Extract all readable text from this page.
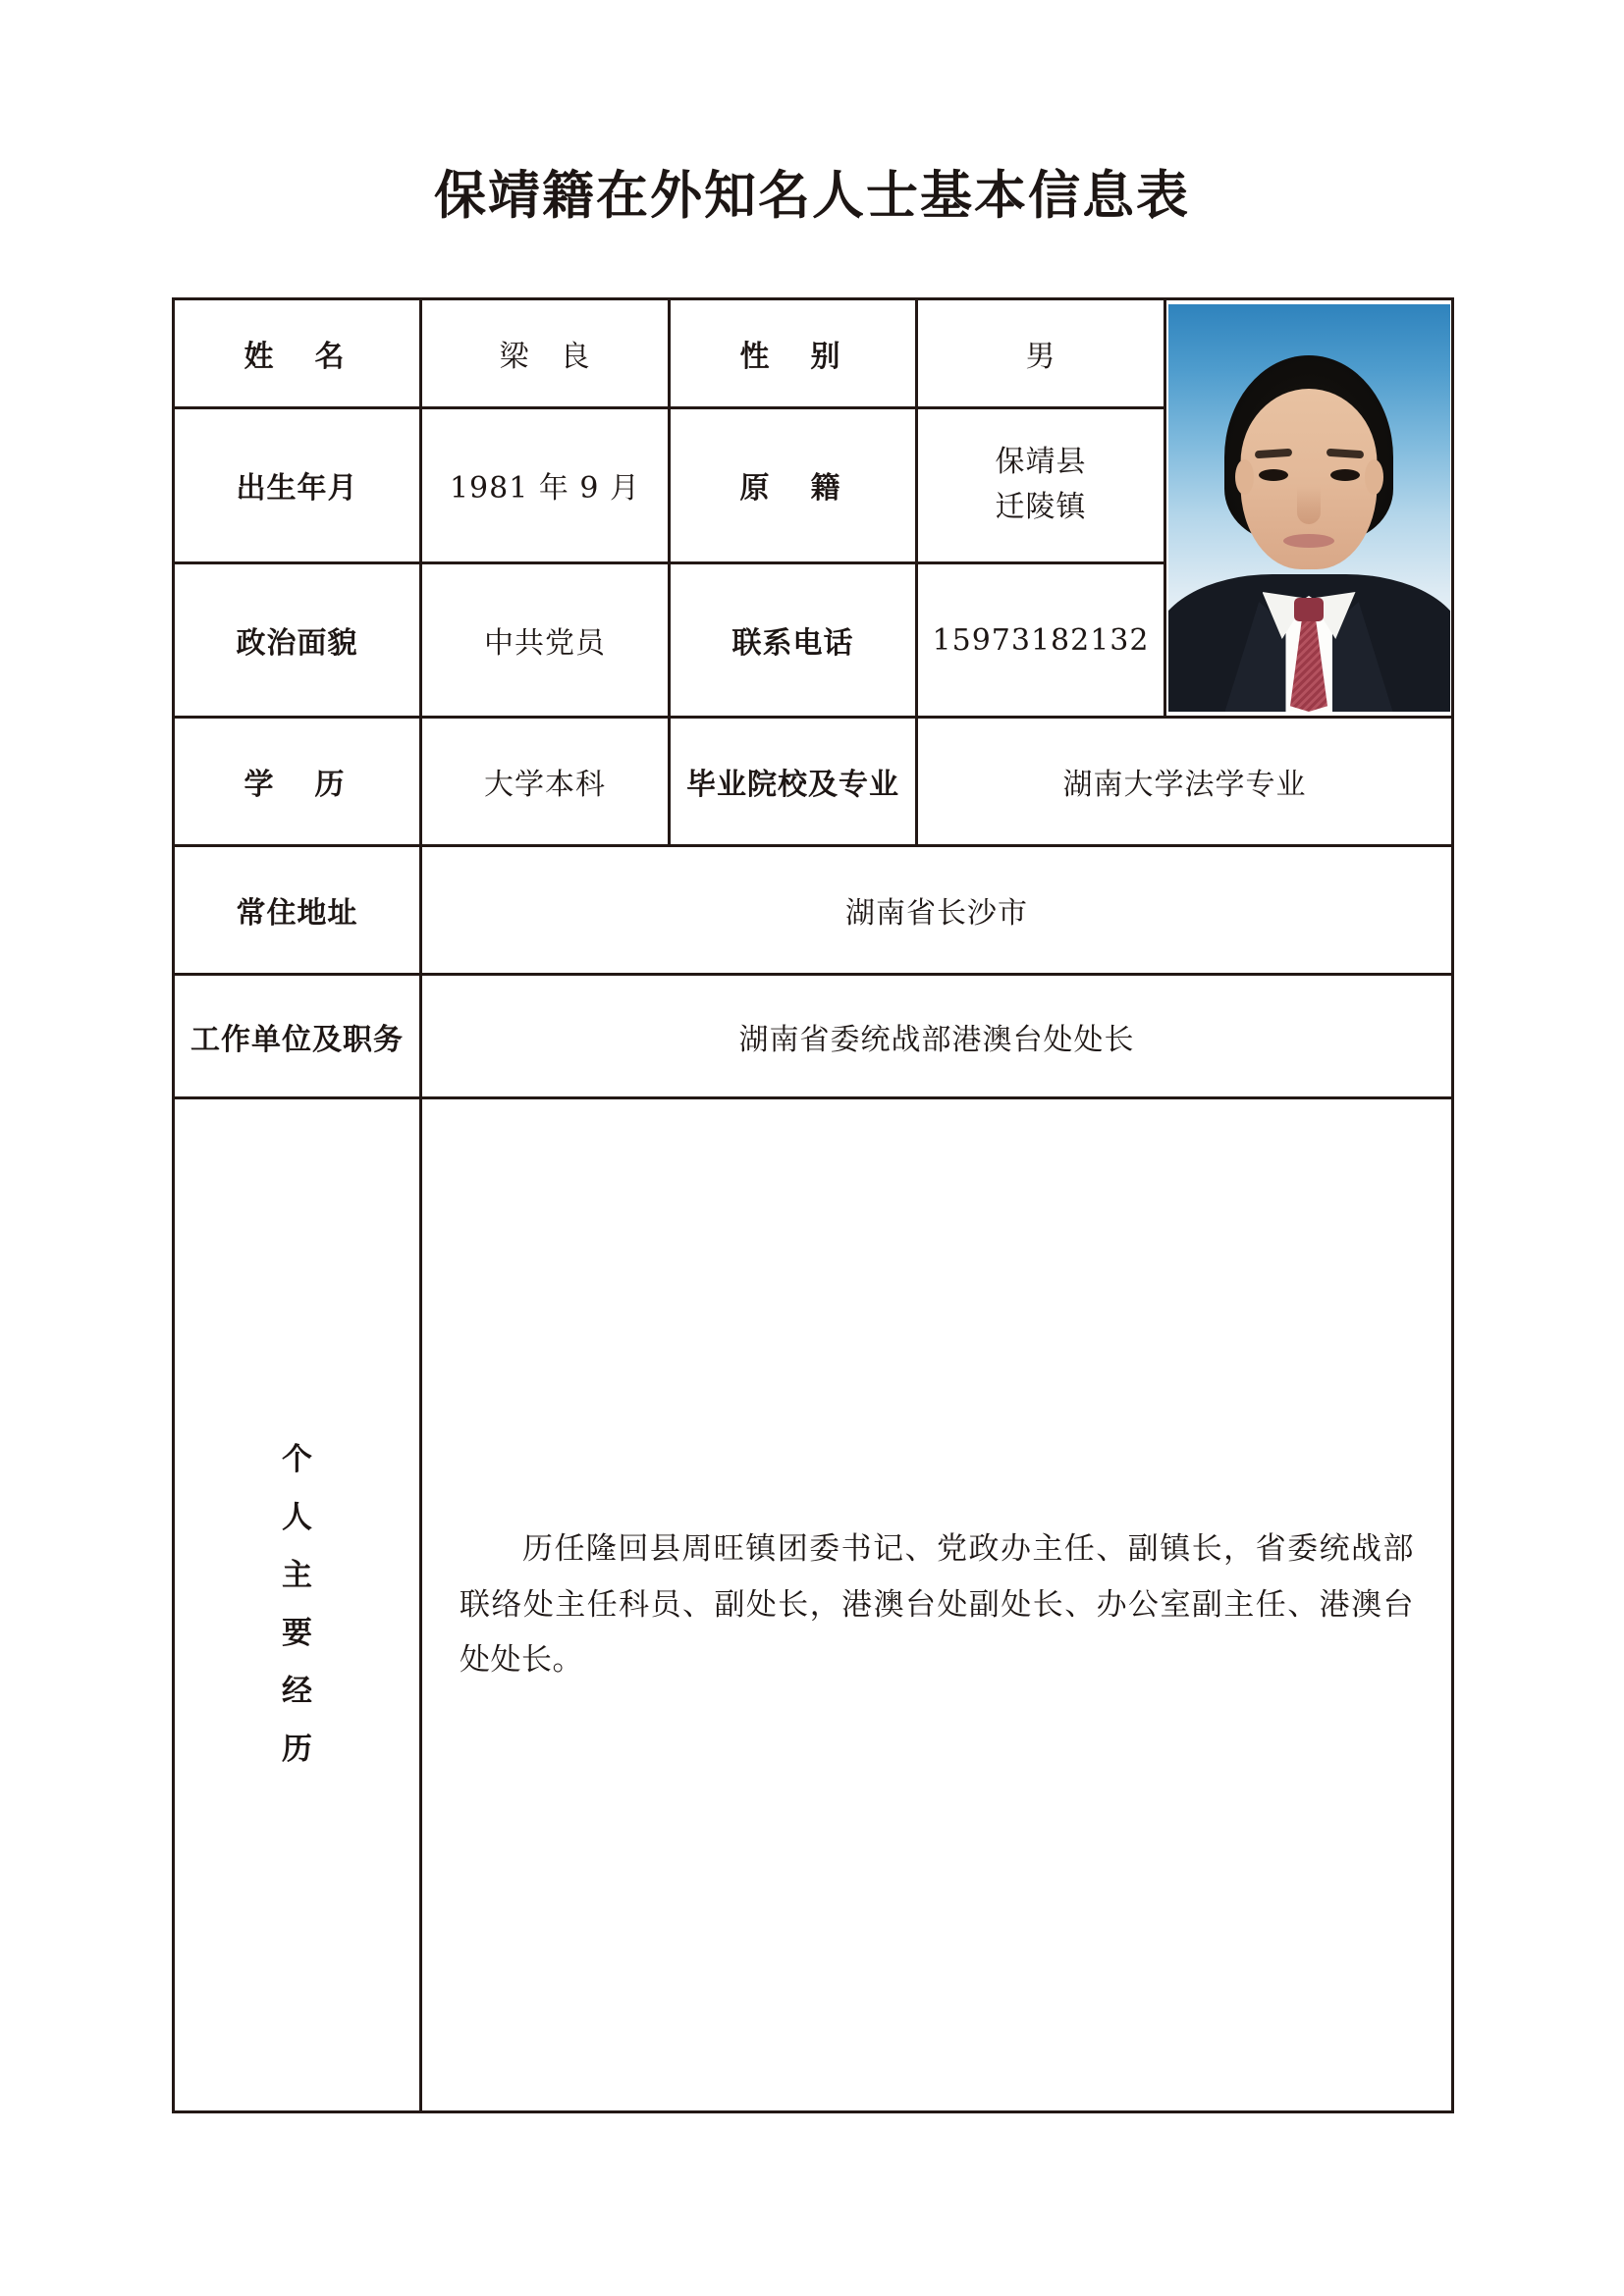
保靖籍在外知名人士基本信息表
姓　名	梁　良	性　别	男	

出生年月	1981 年 9 月	原　籍	保靖县
迁陵镇	

政治面貌	中共党员	联系电话	15973182132	
学　历	大学本科	毕业院校及专业	湖南大学法学专业	
常住地址	湖南省长沙市			
工作单位及职务	湖南省委统战部港澳台处处长			

个
人
主
要
经
历

历任隆回县周旺镇团委书记、党政办主任、副镇长，省委统战部联络处主任科员、副处长，港澳台处副处长、办公室副主任、港澳台处处长。
